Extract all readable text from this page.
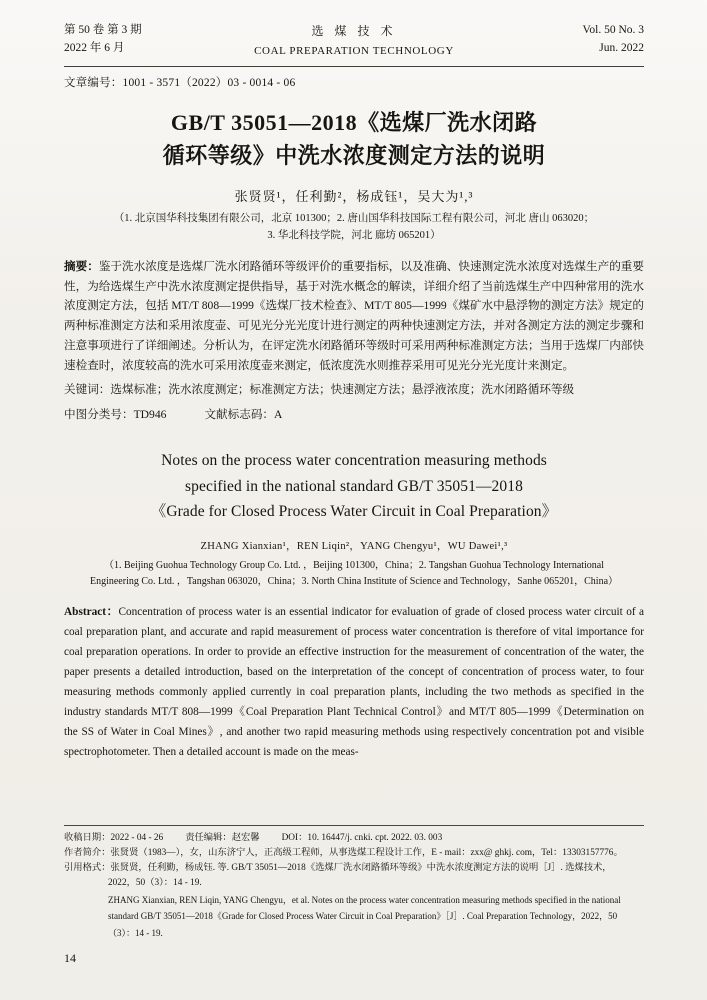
第 50 卷 第 3 期
2022 年 6 月
选 煤 技 术
COAL PREPARATION TECHNOLOGY
Vol. 50 No. 3
Jun. 2022
文章编号：1001 - 3571（2022）03 - 0014 - 06
GB/T 35051—2018《选煤厂洗水闭路
循环等级》中洗水浓度测定方法的说明
张贤贤¹，任利勤²，杨成钰¹，吴大为¹,³
（1. 北京国华科技集团有限公司，北京 101300；2. 唐山国华科技国际工程有限公司，河北 唐山 063020；
3. 华北科技学院，河北 廊坊 065201）
摘要：鉴于洗水浓度是选煤厂洗水闭路循环等级评价的重要指标，以及准确、快速测定洗水浓度对选煤生产的重要性，为给选煤生产中洗水浓度测定提供指导，基于对洗水概念的解读，详细介绍了当前选煤生产中四种常用的洗水浓度测定方法，包括 MT/T 808—1999《选煤厂技术检查》、MT/T 805—1999《煤矿水中悬浮物的测定方法》规定的两种标准测定方法和采用浓度壶、可见光分光光度计进行测定的两种快速测定方法，并对各测定方法的测定步骤和注意事项进行了详细阐述。分析认为，在评定洗水闭路循环等级时可采用两种标准测定方法；当用于选煤厂内部快速检查时，浓度较高的洗水可采用浓度壶来测定，低浓度洗水则推荐采用可见光分光光度计来测定。
关键词：选煤标准；洗水浓度测定；标准测定方法；快速测定方法；悬浮液浓度；洗水闭路循环等级
中图分类号：TD946	文献标志码：A
Notes on the process water concentration measuring methods
specified in the national standard GB/T 35051—2018
《Grade for Closed Process Water Circuit in Coal Preparation》
ZHANG Xianxian¹，REN Liqin²，YANG Chengyu¹，WU Dawei¹,³
（1. Beijing Guohua Technology Group Co. Ltd. ，Beijing 101300，China；2. Tangshan Guohua Technology International
Engineering Co. Ltd. ，Tangshan 063020，China；3. North China Institute of Science and Technology，Sanhe 065201，China）
Abstract：Concentration of process water is an essential indicator for evaluation of grade of closed process water circuit of a coal preparation plant, and accurate and rapid measurement of process water concentration is therefore of vital importance for coal preparation operations. In order to provide an effective instruction for the measurement of concentration of the water, the paper presents a detailed introduction, based on the interpretation of the concept of concentration of process water, to four measuring methods commonly applied currently in coal preparation plants, including the two methods as specified in the industry standards MT/T 808—1999《Coal Preparation Plant Technical Control》and MT/T 805—1999《Determination on the SS of Water in Coal Mines》, and another two rapid measuring methods using respectively concentration pot and visible spectrophotometer. Then a detailed account is made on the meas-
收稿日期：2022 - 04 - 26 责任编辑：赵宏馨 DOI：10. 16447/j. cnki. cpt. 2022. 03. 003
作者简介：张贤贤（1983—），女，山东济宁人，正高级工程师，从事选煤工程设计工作，E - mail：zxx@ ghkj. com，Tel：13303157776。
引用格式：张贤贤，任利勤，杨成钰. 等. GB/T 35051—2018《选煤厂洗水闭路循环等级》中洗水浓度测定方法的说明［J］. 选煤技术，
2022，50（3）：14 - 19.
ZHANG Xianxian, REN Liqin, YANG Chengyu，et al. Notes on the process water concentration measuring methods specified in the national
standard GB/T 35051—2018《Grade for Closed Process Water Circuit in Coal Preparation》［J］. Coal Preparation Technology，2022，50
（3）：14 - 19.
14
